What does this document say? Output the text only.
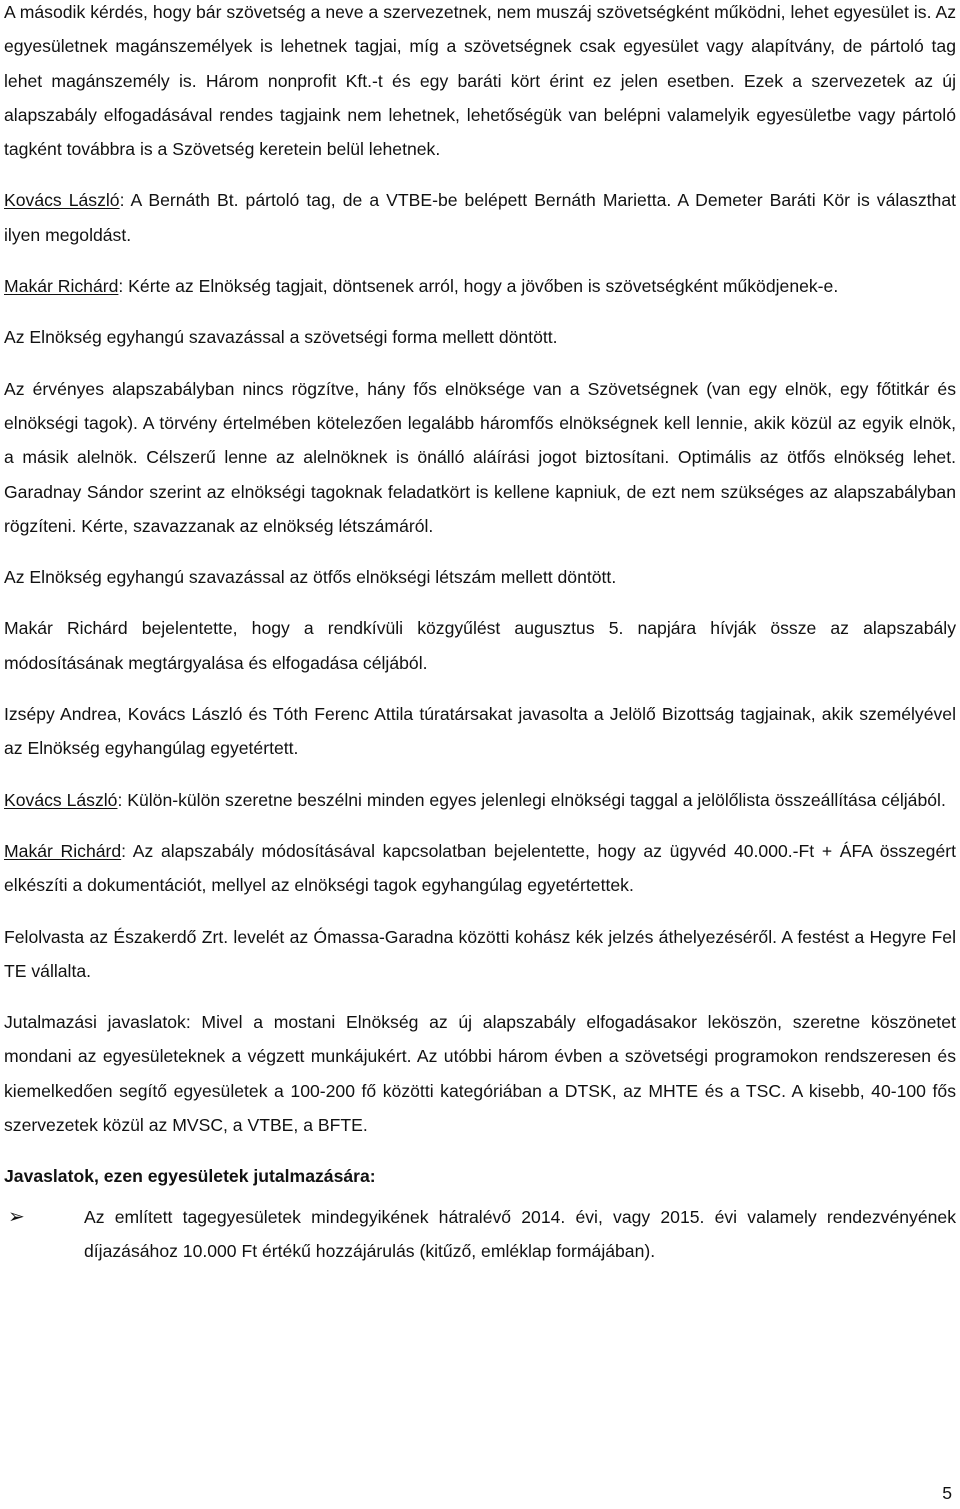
A második kérdés, hogy bár szövetség a neve a szervezetnek, nem muszáj szövetségként működni, lehet egyesület is. Az egyesületnek magánszemélyek is lehetnek tagjai, míg a szövetségnek csak egyesület vagy alapítvány, de pártoló tag lehet magánszemély is. Három nonprofit Kft.-t és egy baráti kört érint ez jelen esetben. Ezek a szervezetek az új alapszabály elfogadásával rendes tagjaink nem lehetnek, lehetőségük van belépni valamelyik egyesületbe vagy pártoló tagként továbbra is a Szövetség keretein belül lehetnek.

Kovács László: A Bernáth Bt. pártoló tag, de a VTBE-be belépett Bernáth Marietta. A Demeter Baráti Kör is választhat ilyen megoldást.

Makár Richárd: Kérte az Elnökség tagjait, döntsenek arról, hogy a jövőben is szövetségként működjenek-e.

Az Elnökség egyhangú szavazással a szövetségi forma mellett döntött.

Az érvényes alapszabályban nincs rögzítve, hány fős elnöksége van a Szövetségnek (van egy elnök, egy főtitkár és elnökségi tagok). A törvény értelmében kötelezően legalább háromfős elnökségnek kell lennie, akik közül az egyik elnök, a másik alelnök. Célszerű lenne az alelnöknek is önálló aláírási jogot biztosítani. Optimális az ötfős elnökség lehet. Garadnay Sándor szerint az elnökségi tagoknak feladatkört is kellene kapniuk, de ezt nem szükséges az alapszabályban rögzíteni. Kérte, szavazzanak az elnökség létszámáról.

Az Elnökség egyhangú szavazással az ötfős elnökségi létszám mellett döntött.

Makár Richárd bejelentette, hogy a rendkívüli közgyűlést augusztus 5. napjára hívják össze az alapszabály módosításának megtárgyalása és elfogadása céljából.

Izsépy Andrea, Kovács László és Tóth Ferenc Attila túratársakat javasolta a Jelölő Bizottság tagjainak, akik személyével az Elnökség egyhangúlag egyetértett.

Kovács László: Külön-külön szeretne beszélni minden egyes jelenlegi elnökségi taggal a jelölőlista összeállítása céljából.

Makár Richárd: Az alapszabály módosításával kapcsolatban bejelentette, hogy az ügyvéd 40.000.-Ft + ÁFA összegért elkészíti a dokumentációt, mellyel az elnökségi tagok egyhangúlag egyetértettek.

Felolvasta az Északerdő Zrt. levelét az Ómassa-Garadna közötti kohász kék jelzés áthelyezéséről. A festést a Hegyre Fel TE vállalta.

Jutalmazási javaslatok: Mivel a mostani Elnökség az új alapszabály elfogadásakor leköszön, szeretne köszönetet mondani az egyesületeknek a végzett munkájukért. Az utóbbi három évben a szövetségi programokon rendszeresen és kiemelkedően segítő egyesületek a 100-200 fő közötti kategóriában a DTSK, az MHTE és a TSC. A kisebb, 40-100 fős szervezetek közül az MVSC, a VTBE, a BFTE.

Javaslatok, ezen egyesületek jutalmazására:

➢	Az említett tagegyesületek mindegyikének hátralévő 2014. évi, vagy 2015. évi valamely rendezvényének díjazásához 10.000 Ft értékű hozzájárulás (kitűző, emléklap formájában).
5
